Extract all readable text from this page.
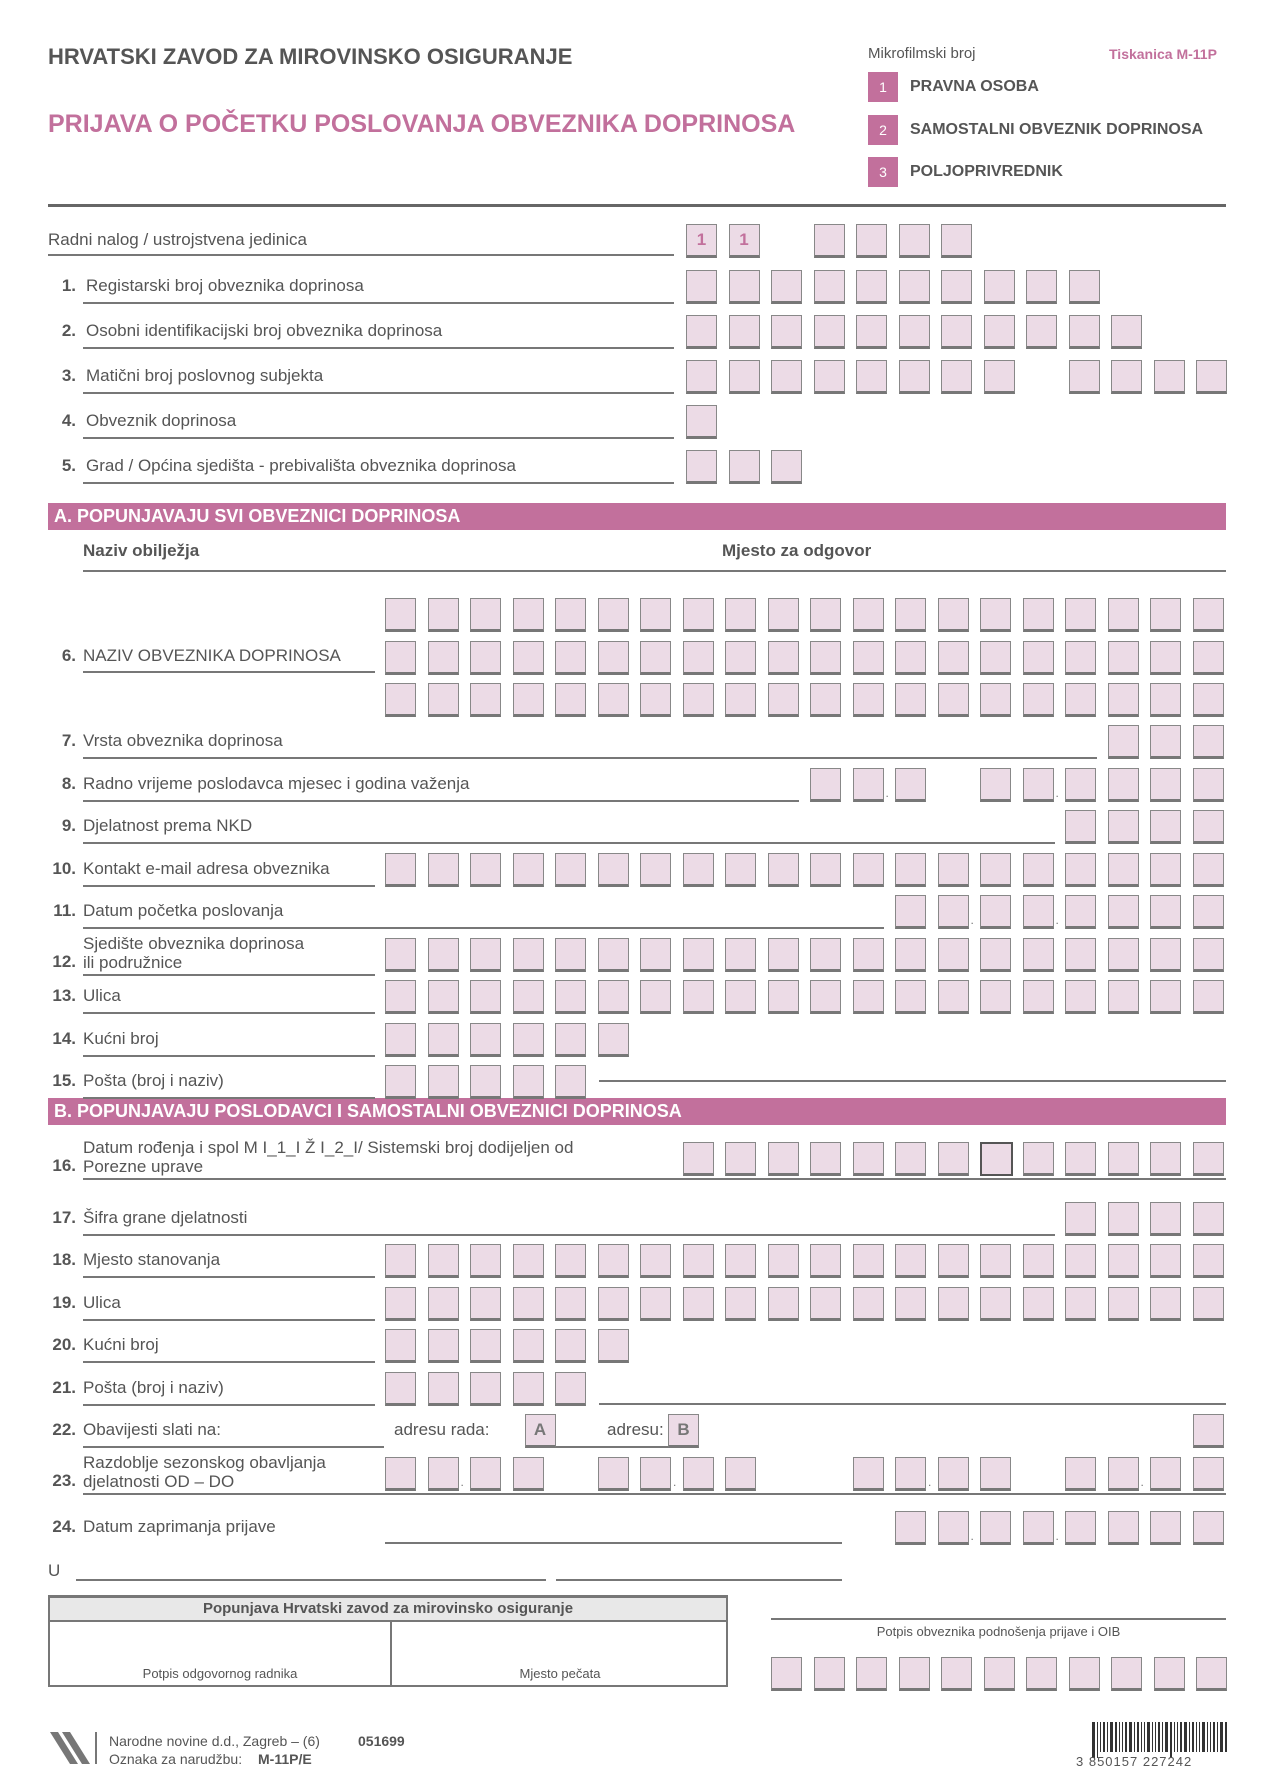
HRVATSKI ZAVOD ZA MIROVINSKO OSIGURANJE
PRIJAVA O POČETKU POSLOVANJA OBVEZNIKA DOPRINOSA
Mikrofilmski broj	Tiskanica M-11P
1	PRAVNA OSOBA
2	SAMOSTALNI OBVEZNIK DOPRINOSA
3	POLJOPRIVREDNIK
A. POPUNJAVAJU SVI OBVEZNICI DOPRINOSA
Naziv obilježja	Mjesto za odgovor
B. POPUNJAVAJU POSLODAVCI I SAMOSTALNI OBVEZNICI DOPRINOSA
U
Popunjava Hrvatski zavod za mirovinsko osiguranje
Potpis odgovornog radnika	Mjesto pečata
Potpis obveznika podnošenja prijave i OIB
Narodne novine d.d., Zagreb – (6)	051699
Oznaka za narudžbu: M-11P/E	3 850157 227242
Radni nalog / ustrojstvena jedinica	1	1
1. Registarski broj obveznika doprinosa
2. Osobni identifikacijski broj obveznika doprinosa
3. Matični broj poslovnog subjekta
4. Obveznik doprinosa
5. Grad / Općina sjedišta - prebivališta obveznika doprinosa
6. NAZIV OBVEZNIKA DOPRINOSA
7. Vrsta obveznika doprinosa
8. Radno vrijeme poslodavca mjesec i godina važenja	.	.
9. Djelatnost prema NKD
10. Kontakt e-mail adresa obveznika
11. Datum početka poslovanja	.	.
12.
Sjedište obveznika doprinosa
ili podružnice
13. Ulica
14. Kućni broj
15. Pošta (broj i naziv)
16.
Datum rođenja i spol M I_1_I Ž I_2_I/ Sistemski broj dodijeljen od
Porezne uprave
17. Šifra grane djelatnosti
18. Mjesto stanovanja
19. Ulica
20. Kućni broj
21. Pošta (broj i naziv)
22. Obavijesti slati na:	adresu rada:	A	adresu: B
23.
Razdoblje sezonskog obavljanja
djelatnosti OD – DO	.	.	.	.
24. Datum zaprimanja prijave	.	.
